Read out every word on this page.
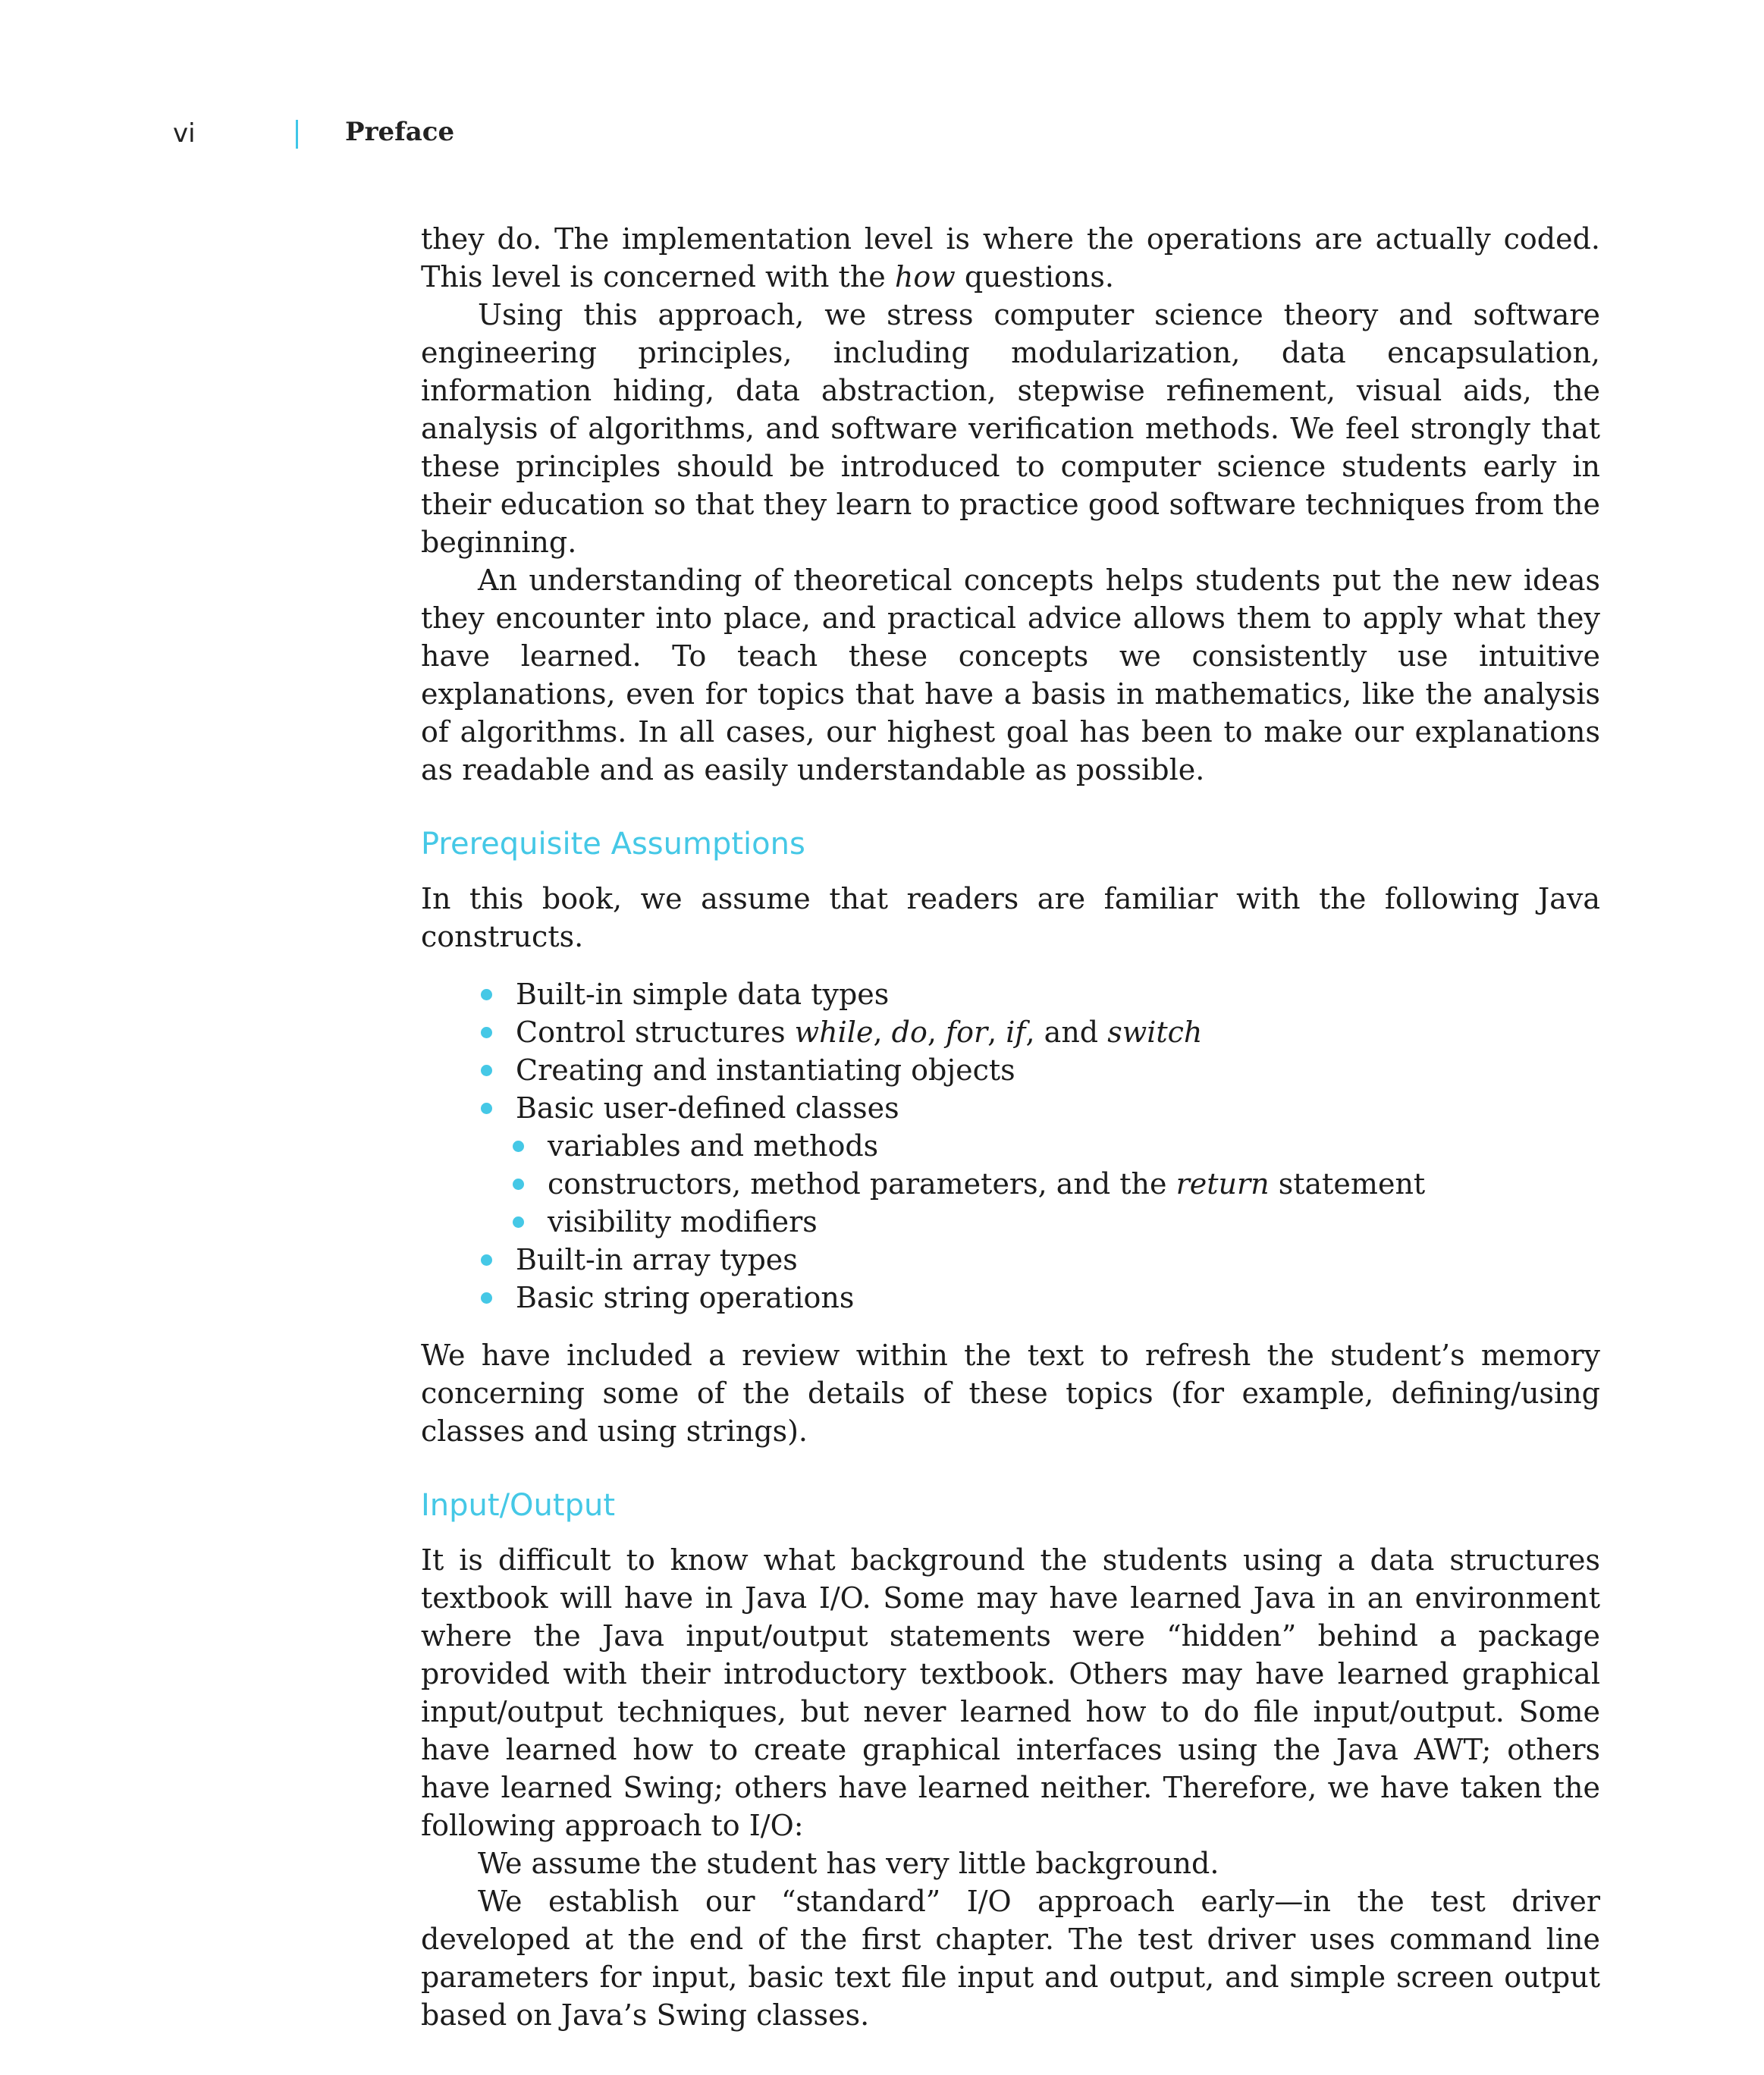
vi	Preface

they do. The implementation level is where the operations are actually coded. This level is concerned with the how questions.

Using this approach, we stress computer science theory and software engineering principles, including modularization, data encapsulation, information hiding, data abstraction, stepwise refinement, visual aids, the analysis of algorithms, and software verification methods. We feel strongly that these principles should be introduced to computer science students early in their education so that they learn to practice good software techniques from the beginning.

An understanding of theoretical concepts helps students put the new ideas they encounter into place, and practical advice allows them to apply what they have learned. To teach these concepts we consistently use intuitive explanations, even for topics that have a basis in mathematics, like the analysis of algorithms. In all cases, our highest goal has been to make our explanations as readable and as easily understandable as possible.

Prerequisite Assumptions

In this book, we assume that readers are familiar with the following Java constructs.

Built-in simple data types
Control structures while, do, for, if, and switch
Creating and instantiating objects
Basic user-defined classes
variables and methods
constructors, method parameters, and the return statement
visibility modifiers
Built-in array types
Basic string operations

We have included a review within the text to refresh the student’s memory concerning some of the details of these topics (for example, defining/using classes and using strings).

Input/Output

It is difficult to know what background the students using a data structures textbook will have in Java I/O. Some may have learned Java in an environment where the Java input/output statements were “hidden” behind a package provided with their introductory textbook. Others may have learned graphical input/output techniques, but never learned how to do file input/output. Some have learned how to create graphical interfaces using the Java AWT; others have learned Swing; others have learned neither. Therefore, we have taken the following approach to I/O:

We assume the student has very little background.

We establish our “standard” I/O approach early—in the test driver developed at the end of the first chapter. The test driver uses command line parameters for input, basic text file input and output, and simple screen output based on Java’s Swing classes.
